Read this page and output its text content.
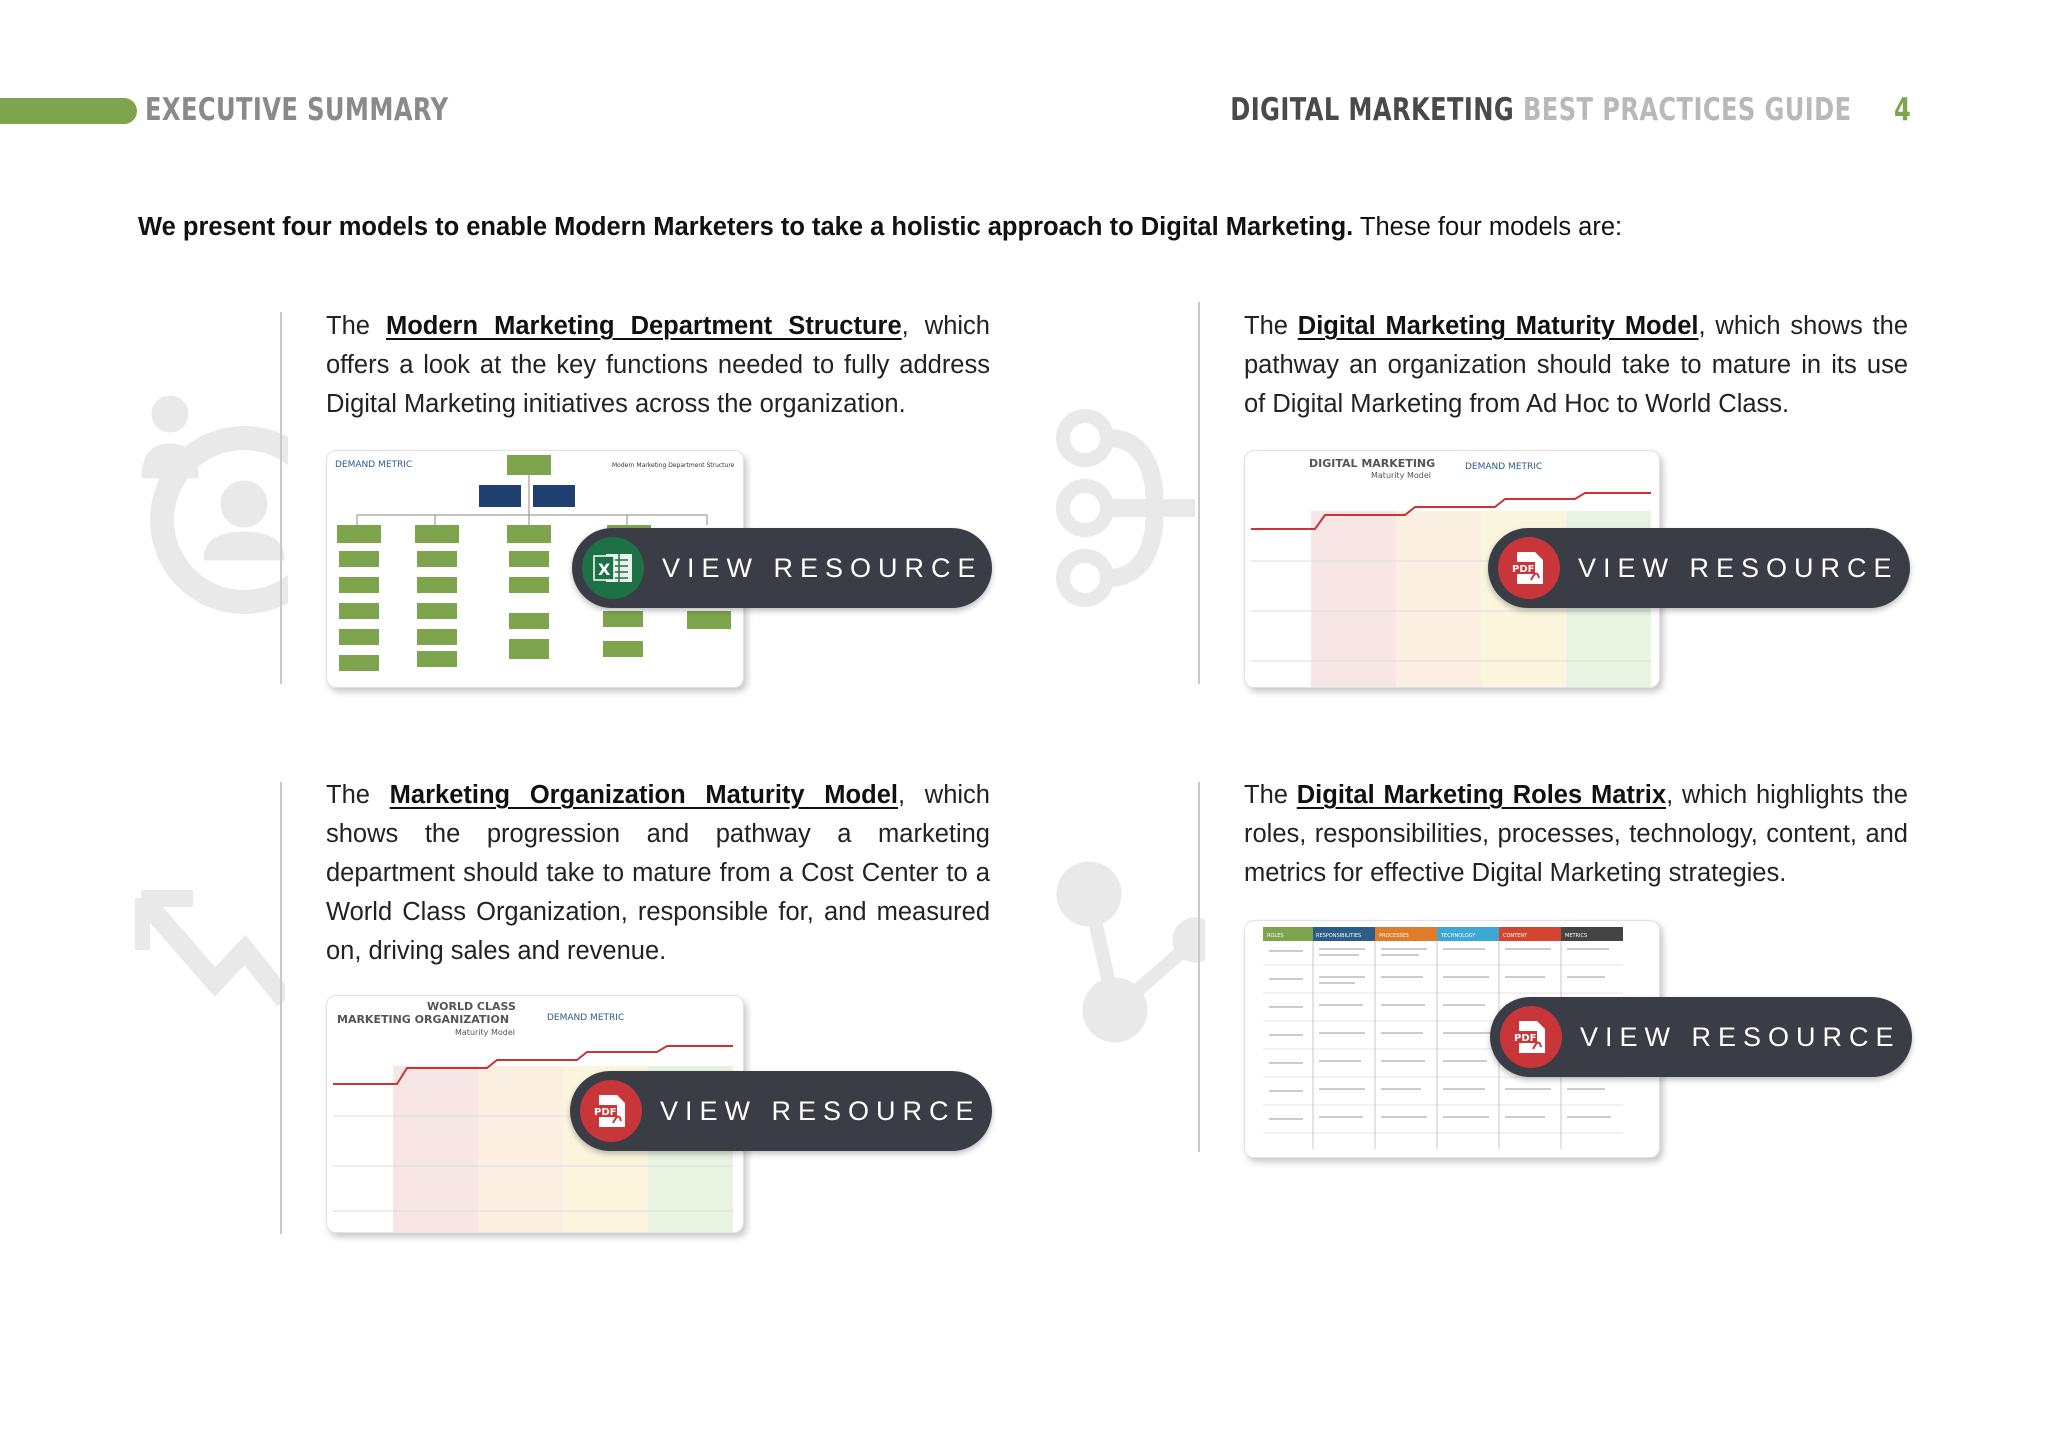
EXECUTIVE SUMMARY	DIGITAL MARKETING BEST PRACTICES GUIDE 4
We present four models to enable Modern Marketers to take a holistic approach to Digital Marketing. These four models are:
The Modern Marketing Department Structure, which offers a look at the key functions needed to fully address Digital Marketing initiatives across the organization.
DEMAND METRIC	Modern Marketing Department Structure
X VIEW RESOURCE
The Digital Marketing Maturity Model, which shows the pathway an organization should take to mature in its use of Digital Marketing from Ad Hoc to World Class.
DIGITAL MARKETING
Maturity Model
DEMAND METRIC
PDF VIEW RESOURCE
The Marketing Organization Maturity Model, which shows the progression and pathway a marketing department should take to mature from a Cost Center to a World Class Organization, responsible for, and measured on, driving sales and revenue.
WORLD CLASS
MARKETING ORGANIZATION
Maturity Model
DEMAND METRIC
PDF VIEW RESOURCE
The Digital Marketing Roles Matrix, which highlights the roles, responsibilities, processes, technology, content, and metrics for effective Digital Marketing strategies.
ROLES	RESPONSIBILITIES	PROCESSES	TECHNOLOGY	CONTENT	METRICS
PDF VIEW RESOURCE
